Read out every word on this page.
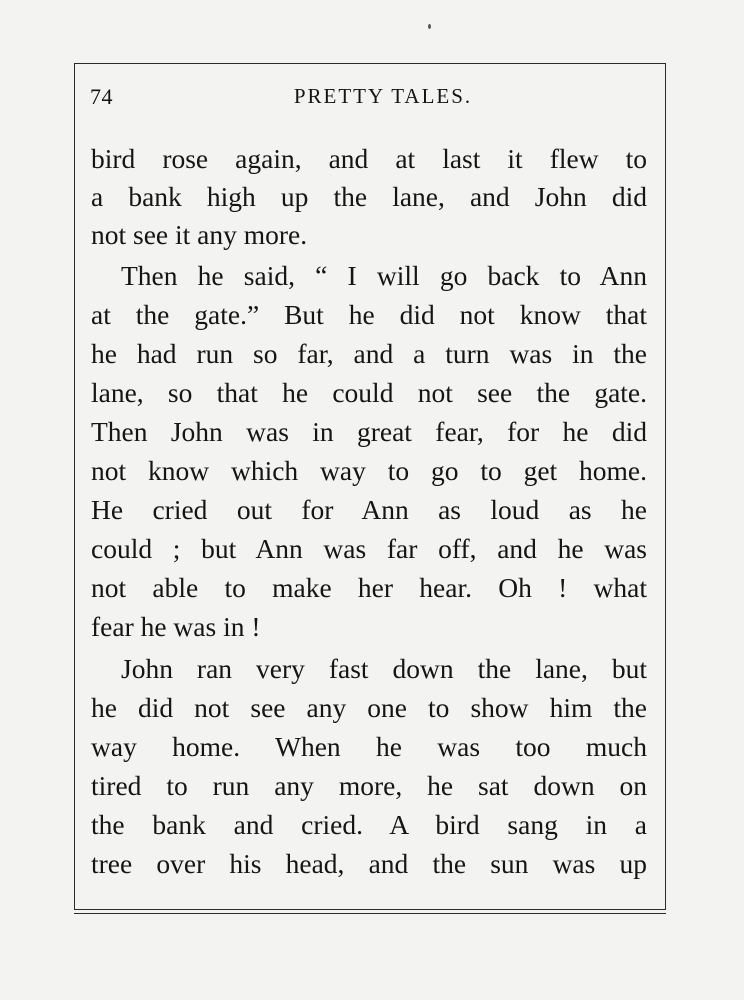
74	PRETTY TALES.
bird rose again, and at last it flew to
a bank high up the lane, and John did
not see it any more.
Then he said, “ I will go back to Ann
at the gate.” But he did not know that
he had run so far, and a turn was in the
lane, so that he could not see the gate.
Then John was in great fear, for he did
not know which way to go to get home.
He cried out for Ann as loud as he
could ; but Ann was far off, and he was
not able to make her hear. Oh ! what
fear he was in !
John ran very fast down the lane, but
he did not see any one to show him the
way home. When he was too much
tired to run any more, he sat down on
the bank and cried. A bird sang in a
tree over his head, and the sun was up
